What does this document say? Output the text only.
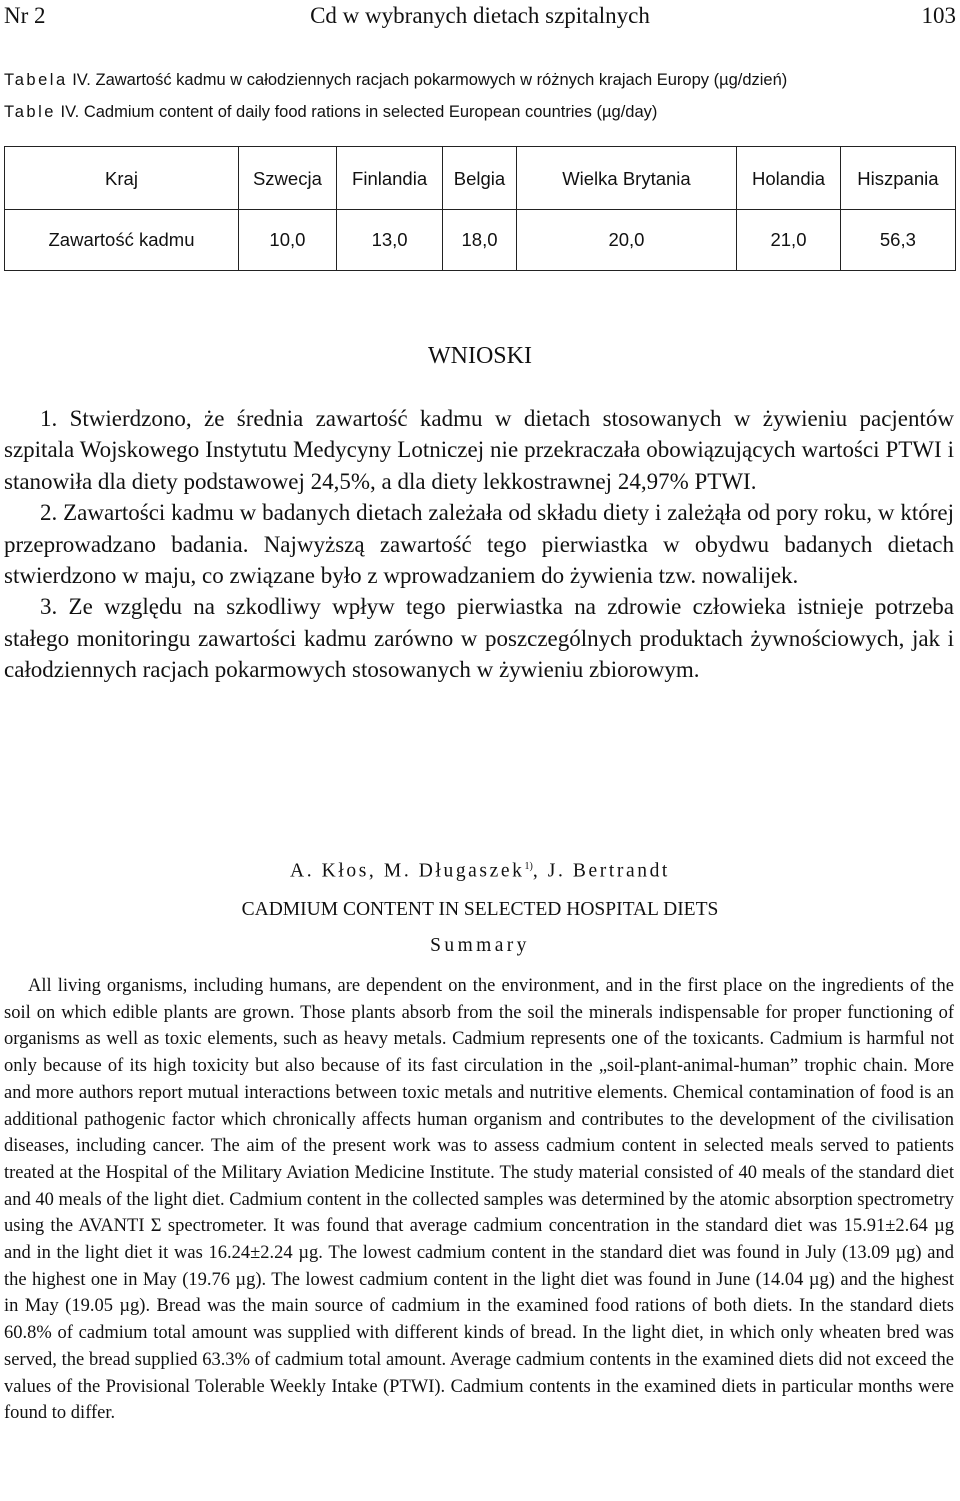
Nr 2	Cd w wybranych dietach szpitalnych	103
Tabela IV. Zawartość kadmu w całodziennych racjach pokarmowych w różnych krajach Europy (µg/dzień)
Table IV. Cadmium content of daily food rations in selected European countries (µg/day)
Kraj	Szwecja	Finlandia	Belgia	Wielka Brytania	Holandia	Hiszpania
Zawartość kadmu	10,0	13,0	18,0	20,0	21,0	56,3
WNIOSKI

1. Stwierdzono, że średnia zawartość kadmu w dietach stosowanych w żywieniu pacjentów szpitala Wojskowego Instytutu Medycyny Lotniczej nie przekraczała obowiązujących wartości PTWI i stanowiła dla diety podstawowej 24,5%, a dla diety lekkostrawnej 24,97% PTWI.

2. Zawartości kadmu w badanych dietach zależała od składu diety i zależąła od pory roku, w której przeprowadzano badania. Najwyższą zawartość tego pierwiastka w obydwu badanych dietach stwierdzono w maju, co związane było z wprowadzaniem do żywienia tzw. nowalijek.

3. Ze względu na szkodliwy wpływ tego pierwiastka na zdrowie człowieka istnieje potrzeba stałego monitoringu zawartości kadmu zarówno w poszczególnych produktach żywnościowych, jak i całodziennych racjach pokarmowych stosowanych w żywieniu zbiorowym.

A. Kłos, M. Długaszek$^{1)}$, J. Bertrandt
CADMIUM CONTENT IN SELECTED HOSPITAL DIETS
Summary

All living organisms, including humans, are dependent on the environment, and in the first place on the ingredients of the soil on which edible plants are grown. Those plants absorb from the soil the minerals indispensable for proper functioning of organisms as well as toxic elements, such as heavy metals. Cadmium represents one of the toxicants. Cadmium is harmful not only because of its high toxicity but also because of its fast circulation in the „soil-plant-animal-human” trophic chain. More and more authors report mutual interactions between toxic metals and nutritive elements. Chemical contamination of food is an additional pathogenic factor which chronically affects human organism and contributes to the development of the civilisation diseases, including cancer. The aim of the present work was to assess cadmium content in selected meals served to patients treated at the Hospital of the Military Aviation Medicine Institute. The study material consisted of 40 meals of the standard diet and 40 meals of the light diet. Cadmium content in the collected samples was determined by the atomic absorption spectrometry using the AVANTI Σ spectrometer. It was found that average cadmium concentration in the standard diet was 15.91±2.64 µg and in the light diet it was 16.24±2.24 µg. The lowest cadmium content in the standard diet was found in July (13.09 µg) and the highest one in May (19.76 µg). The lowest cadmium content in the light diet was found in June (14.04 µg) and the highest in May (19.05 µg). Bread was the main source of cadmium in the examined food rations of both diets. In the standard diets 60.8% of cadmium total amount was supplied with different kinds of bread. In the light diet, in which only wheaten bred was served, the bread supplied 63.3% of cadmium total amount. Average cadmium contents in the examined diets did not exceed the values of the Provisional Tolerable Weekly Intake (PTWI). Cadmium contents in the examined diets in particular months were found to differ.
